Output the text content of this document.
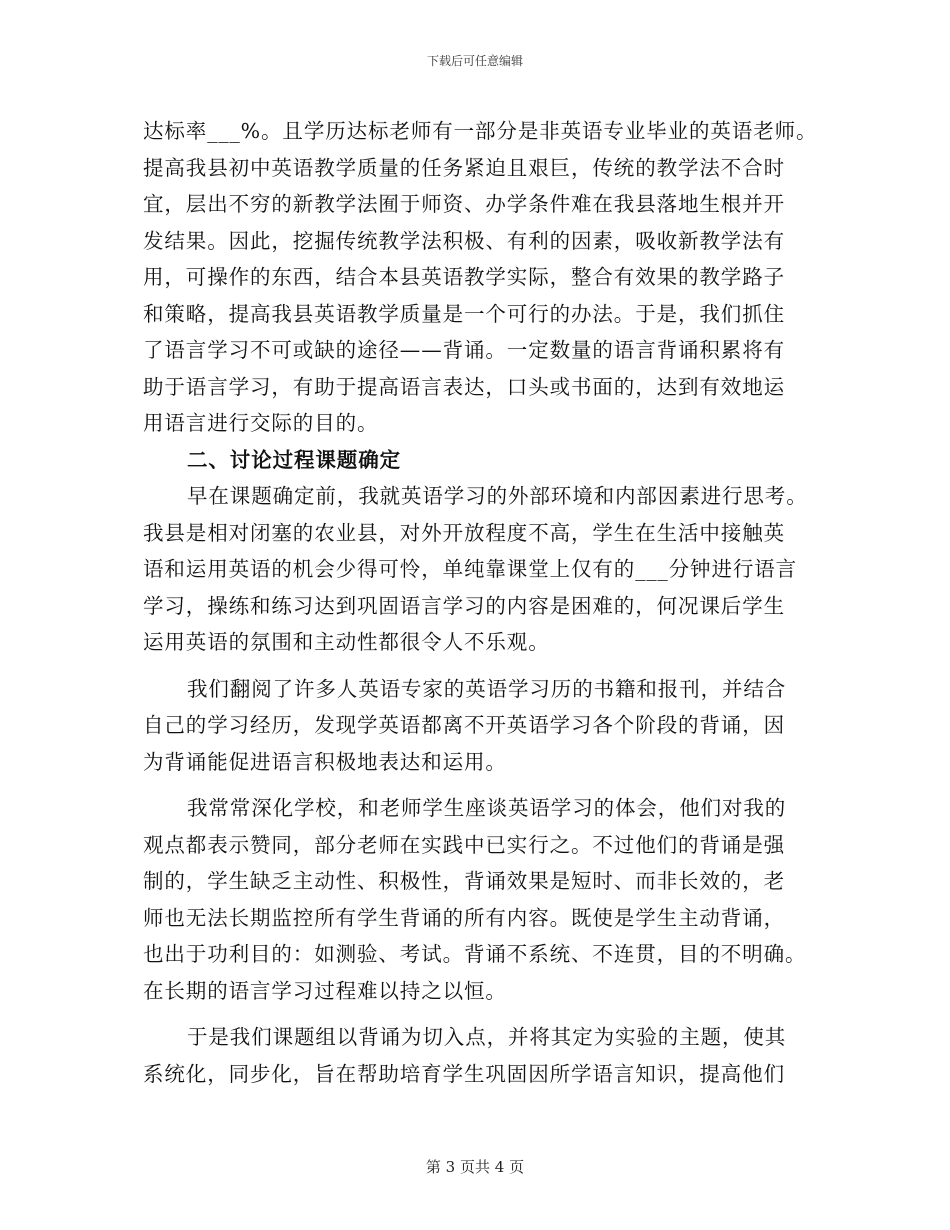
下载后可任意编辑
达标率___%。且学历达标老师有一部分是非英语专业毕业的英语老师。
提高我县初中英语教学质量的任务紧迫且艰巨，传统的教学法不合时
宜，层出不穷的新教学法囿于师资、办学条件难在我县落地生根并开
发结果。因此，挖掘传统教学法积极、有利的因素，吸收新教学法有
用，可操作的东西，结合本县英语教学实际，整合有效果的教学路子
和策略，提高我县英语教学质量是一个可行的办法。于是，我们抓住
了语言学习不可或缺的途径——背诵。一定数量的语言背诵积累将有
助于语言学习，有助于提高语言表达，口头或书面的，达到有效地运
用语言进行交际的目的。
二、讨论过程课题确定
早在课题确定前，我就英语学习的外部环境和内部因素进行思考。
我县是相对闭塞的农业县，对外开放程度不高，学生在生活中接触英
语和运用英语的机会少得可怜，单纯靠课堂上仅有的___分钟进行语言
学习，操练和练习达到巩固语言学习的内容是困难的，何况课后学生
运用英语的氛围和主动性都很令人不乐观。
我们翻阅了许多人英语专家的英语学习历的书籍和报刊，并结合
自己的学习经历，发现学英语都离不开英语学习各个阶段的背诵，因
为背诵能促进语言积极地表达和运用。
我常常深化学校，和老师学生座谈英语学习的体会，他们对我的
观点都表示赞同，部分老师在实践中已实行之。不过他们的背诵是强
制的，学生缺乏主动性、积极性，背诵效果是短时、而非长效的，老
师也无法长期监控所有学生背诵的所有内容。既使是学生主动背诵，
也出于功利目的：如测验、考试。背诵不系统、不连贯，目的不明确。
在长期的语言学习过程难以持之以恒。
于是我们课题组以背诵为切入点，并将其定为实验的主题，使其
系统化，同步化，旨在帮助培育学生巩固因所学语言知识，提高他们
第 3 页共 4 页
